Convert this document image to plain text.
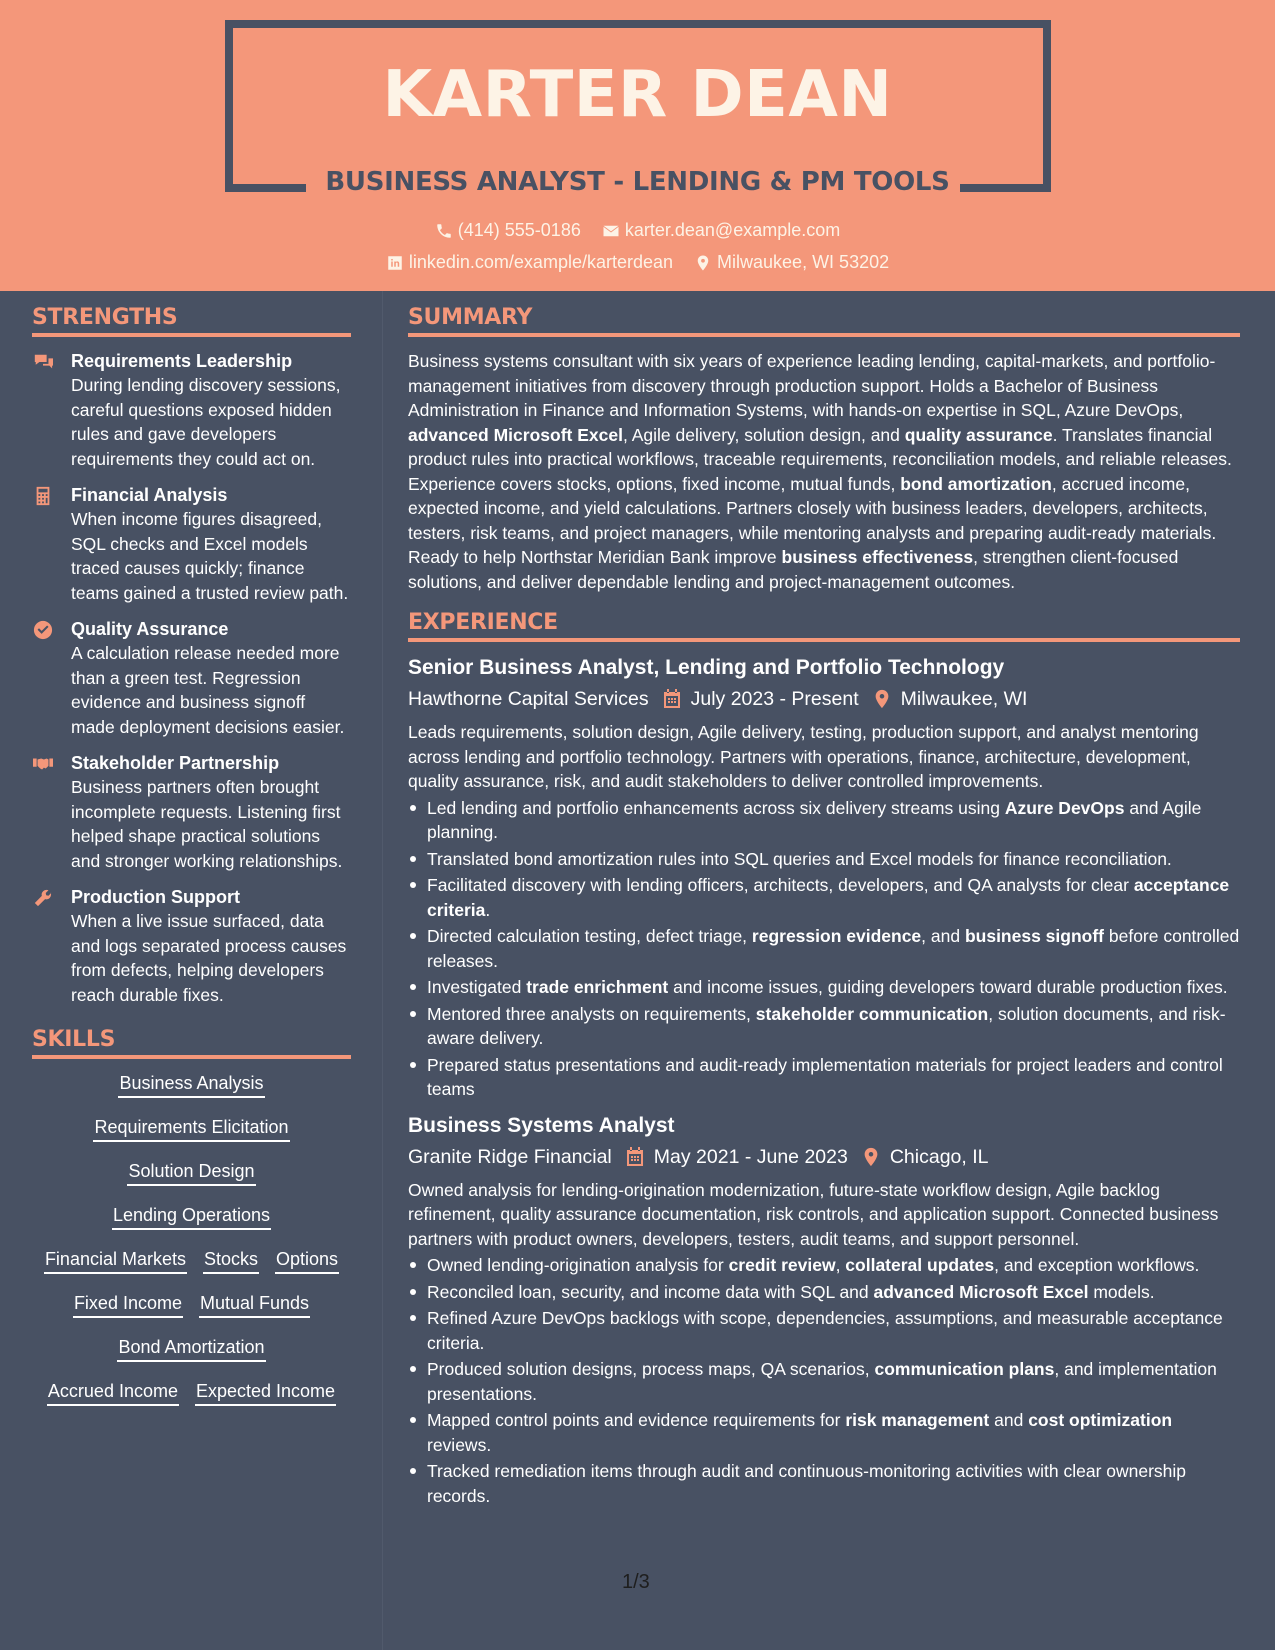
KARTER DEAN
BUSINESS ANALYST - LENDING & PM TOOLS
(414) 555-0186
karter.dean@example.com
linkedin.com/example/karterdean
Milwaukee, WI 53202
STRENGTHS
Requirements Leadership
During lending discovery sessions, careful questions exposed hidden rules and gave developers requirements they could act on.
Financial Analysis
When income figures disagreed, SQL checks and Excel models traced causes quickly; finance teams gained a trusted review path.
Quality Assurance
A calculation release needed more than a green test. Regression evidence and business signoff made deployment decisions easier.
Stakeholder Partnership
Business partners often brought incomplete requests. Listening first helped shape practical solutions and stronger working relationships.
Production Support
When a live issue surfaced, data and logs separated process causes from defects, helping developers reach durable fixes.
SKILLS
Business Analysis
Requirements Elicitation
Solution Design
Lending Operations
Financial Markets Stocks Options
Fixed Income Mutual Funds
Bond Amortization
Accrued Income Expected Income
SUMMARY
Business systems consultant with six years of experience leading lending, capital-markets, and portfolio-management initiatives from discovery through production support. Holds a Bachelor of Business Administration in Finance and Information Systems, with hands-on expertise in SQL, Azure DevOps, advanced Microsoft Excel, Agile delivery, solution design, and quality assurance. Translates financial product rules into practical workflows, traceable requirements, reconciliation models, and reliable releases. Experience covers stocks, options, fixed income, mutual funds, bond amortization, accrued income, expected income, and yield calculations. Partners closely with business leaders, developers, architects, testers, risk teams, and project managers, while mentoring analysts and preparing audit-ready materials. Ready to help Northstar Meridian Bank improve business effectiveness, strengthen client-focused solutions, and deliver dependable lending and project-management outcomes.
EXPERIENCE
Senior Business Analyst, Lending and Portfolio Technology
Hawthorne Capital Services July 2023 - Present Milwaukee, WI
Leads requirements, solution design, Agile delivery, testing, production support, and analyst mentoring across lending and portfolio technology. Partners with operations, finance, architecture, development, quality assurance, risk, and audit stakeholders to deliver controlled improvements.
Led lending and portfolio enhancements across six delivery streams using Azure DevOps and Agile planning.
Translated bond amortization rules into SQL queries and Excel models for finance reconciliation.
Facilitated discovery with lending officers, architects, developers, and QA analysts for clear acceptance criteria.
Directed calculation testing, defect triage, regression evidence, and business signoff before controlled releases.
Investigated trade enrichment and income issues, guiding developers toward durable production fixes.
Mentored three analysts on requirements, stakeholder communication, solution documents, and risk-aware delivery.
Prepared status presentations and audit-ready implementation materials for project leaders and control teams
Business Systems Analyst
Granite Ridge Financial May 2021 - June 2023 Chicago, IL
Owned analysis for lending-origination modernization, future-state workflow design, Agile backlog refinement, quality assurance documentation, risk controls, and application support. Connected business partners with product owners, developers, testers, audit teams, and support personnel.
Owned lending-origination analysis for credit review, collateral updates, and exception workflows.
Reconciled loan, security, and income data with SQL and advanced Microsoft Excel models.
Refined Azure DevOps backlogs with scope, dependencies, assumptions, and measurable acceptance criteria.
Produced solution designs, process maps, QA scenarios, communication plans, and implementation presentations.
Mapped control points and evidence requirements for risk management and cost optimization reviews.
Tracked remediation items through audit and continuous-monitoring activities with clear ownership records.
1/3
